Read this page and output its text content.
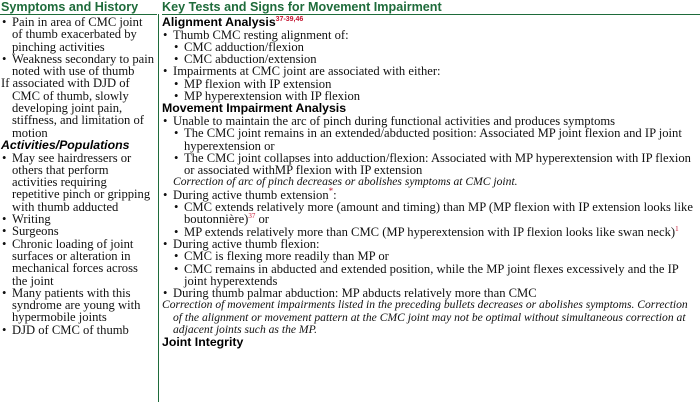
Symptoms and History Key Tests and Signs for Movement Impairment
• Pain in area of CMC joint of thumb exacerbated by pinching activities
• Weakness secondary to pain noted with use of thumb
If associated with DJD of CMC of thumb, slowly developing joint pain, stiffness, and limitation of motion
Activities/Populations
• May see hairdressers or others that perform activities requiring repetitive pinch or gripping with thumb adducted
• Writing
• Surgeons
• Chronic loading of joint surfaces or alteration in mechanical forces across the joint
• Many patients with this syndrome are young with hypermobile joints
• DJD of CMC of thumb
Alignment Analysis$^{37-39,46}$
• Thumb CMC resting alignment of:
• CMC adduction/flexion
• CMC abduction/extension
• Impairments at CMC joint are associated with either:
• MP flexion with IP extension
• MP hyperextension with IP flexion
Movement Impairment Analysis
• Unable to maintain the arc of pinch during functional activities and produces symptoms
• The CMC joint remains in an extended/abducted position: Associated MP joint flexion and IP joint hyperextension or
• The CMC joint collapses into adduction/flexion: Associated with MP hyperextension with IP flexion or associated withMP flexion with IP extension
Correction of arc of pinch decreases or abolishes symptoms at CMC joint.
• During active thumb extension*:
• CMC extends relatively more (amount and timing) than MP (MP flexion with IP extension looks like boutonnière)$^{37}$ or
• MP extends relatively more than CMC (MP hyperextension with IP flexion looks like swan neck)$^1$
• During active thumb flexion:
• CMC is flexing more readily than MP or
• CMC remains in abducted and extended position, while the MP joint flexes excessively and the IP joint hyperextends
• During thumb palmar abduction: MP abducts relatively more than CMC
Correction of movement impairments listed in the preceding bullets decreases or abolishes symptoms. Correction of the alignment or movement pattern at the CMC joint may not be optimal without simultaneous correction at adjacent joints such as the MP.
Joint Integrity
